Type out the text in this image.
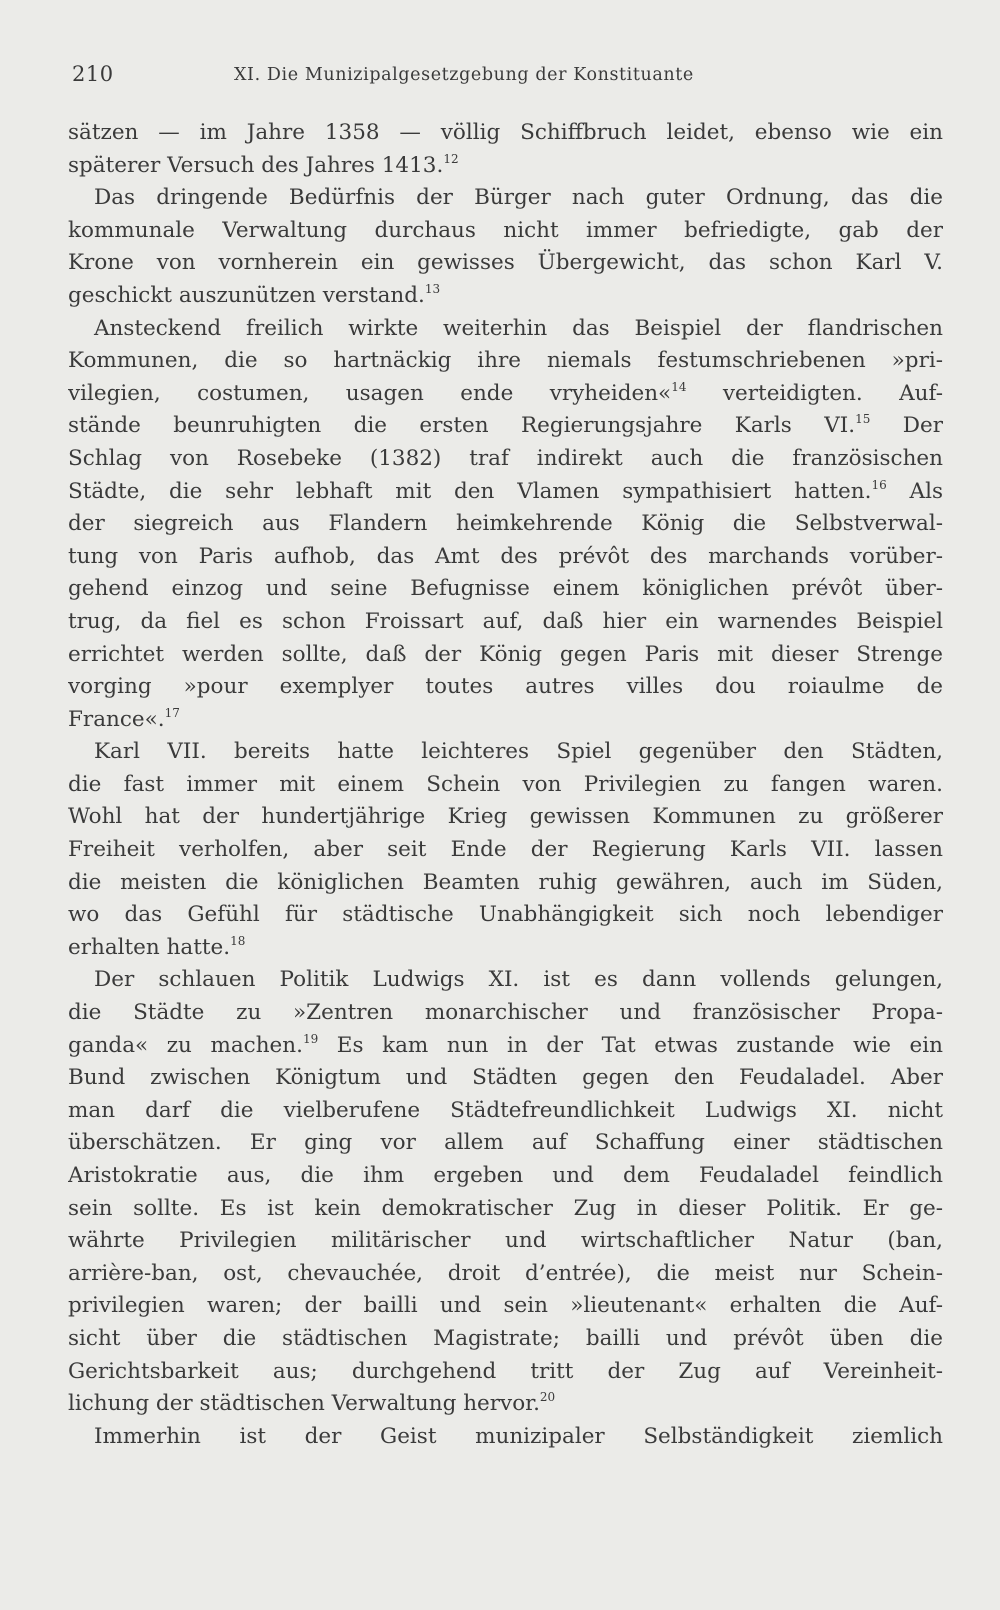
210	XI. Die Munizipalgesetzgebung der Konstituante
sätzen — im Jahre 1358 — völlig Schiffbruch leidet, ebenso wie ein
späterer Versuch des Jahres 1413.12
Das dringende Bedürfnis der Bürger nach guter Ordnung, das die
kommunale Verwaltung durchaus nicht immer befriedigte, gab der
Krone von vornherein ein gewisses Übergewicht, das schon Karl V.
geschickt auszunützen verstand.$^{13}$
Ansteckend freilich wirkte weiterhin das Beispiel der flandrischen
Kommunen, die so hartnäckig ihre niemals festumschriebenen »pri-
vilegien, costumen, usagen ende vryheiden«$^{14}$ verteidigten. Auf-
stände beunruhigten die ersten Regierungsjahre Karls VI.$^{15}$ Der
Schlag von Rosebeke (1382) traf indirekt auch die französischen
Städte, die sehr lebhaft mit den Vlamen sympathisiert hatten.$^{16}$ Als
der siegreich aus Flandern heimkehrende König die Selbstverwal-
tung von Paris aufhob, das Amt des prévôt des marchands vorüber-
gehend einzog und seine Befugnisse einem königlichen prévôt über-
trug, da fiel es schon Froissart auf, daß hier ein warnendes Beispiel
errichtet werden sollte, daß der König gegen Paris mit dieser Strenge
vorging »pour exemplyer toutes autres villes dou roiaulme de
France«.$^{17}$
Karl VII. bereits hatte leichteres Spiel gegenüber den Städten,
die fast immer mit einem Schein von Privilegien zu fangen waren.
Wohl hat der hundertjährige Krieg gewissen Kommunen zu größerer
Freiheit verholfen, aber seit Ende der Regierung Karls VII. lassen
die meisten die königlichen Beamten ruhig gewähren, auch im Süden,
wo das Gefühl für städtische Unabhängigkeit sich noch lebendiger
erhalten hatte.$^{18}$
Der schlauen Politik Ludwigs XI. ist es dann vollends gelungen,
die Städte zu »Zentren monarchischer und französischer Propa-
ganda« zu machen.$^{19}$ Es kam nun in der Tat etwas zustande wie ein
Bund zwischen Königtum und Städten gegen den Feudaladel. Aber
man darf die vielberufene Städtefreundlichkeit Ludwigs XI. nicht
überschätzen. Er ging vor allem auf Schaffung einer städtischen
Aristokratie aus, die ihm ergeben und dem Feudaladel feindlich
sein sollte. Es ist kein demokratischer Zug in dieser Politik. Er ge-
währte Privilegien militärischer und wirtschaftlicher Natur (ban,
arrière-ban, ost, chevauchée, droit d’entrée), die meist nur Schein-
privilegien waren; der bailli und sein »lieutenant« erhalten die Auf-
sicht über die städtischen Magistrate; bailli und prévôt üben die
Gerichtsbarkeit aus; durchgehend tritt der Zug auf Vereinheit-
lichung der städtischen Verwaltung hervor.$^{20}$
Immerhin ist der Geist munizipaler Selbständigkeit ziemlich
